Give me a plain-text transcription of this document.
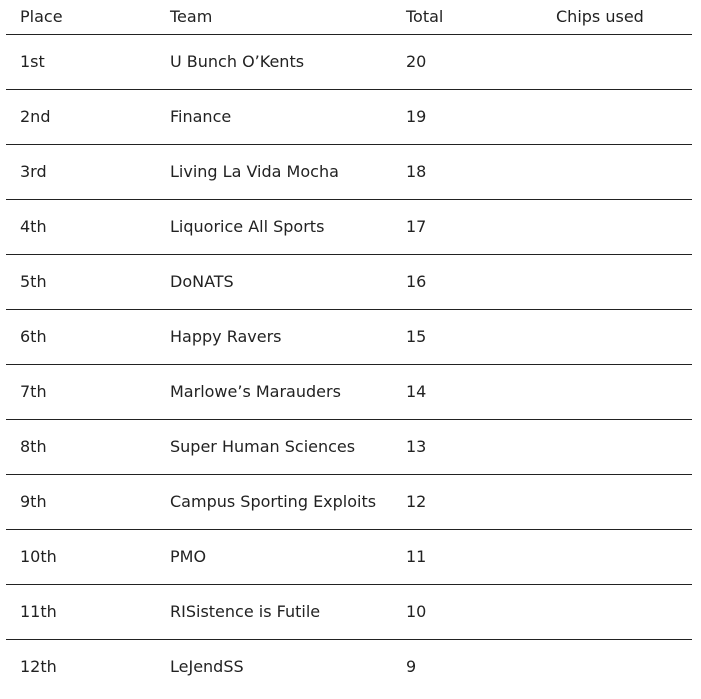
Place	Team	Total	Chips used
1st	U Bunch O’Kents	20	
2nd	Finance	19	
3rd	Living La Vida Mocha	18	
4th	Liquorice All Sports	17	
5th	DoNATS	16	
6th	Happy Ravers	15	
7th	Marlowe’s Marauders	14	
8th	Super Human Sciences	13	
9th	Campus Sporting Exploits	12	
10th	PMO	11	
11th	RISistence is Futile	10	
12th	LeJendSS	9	
